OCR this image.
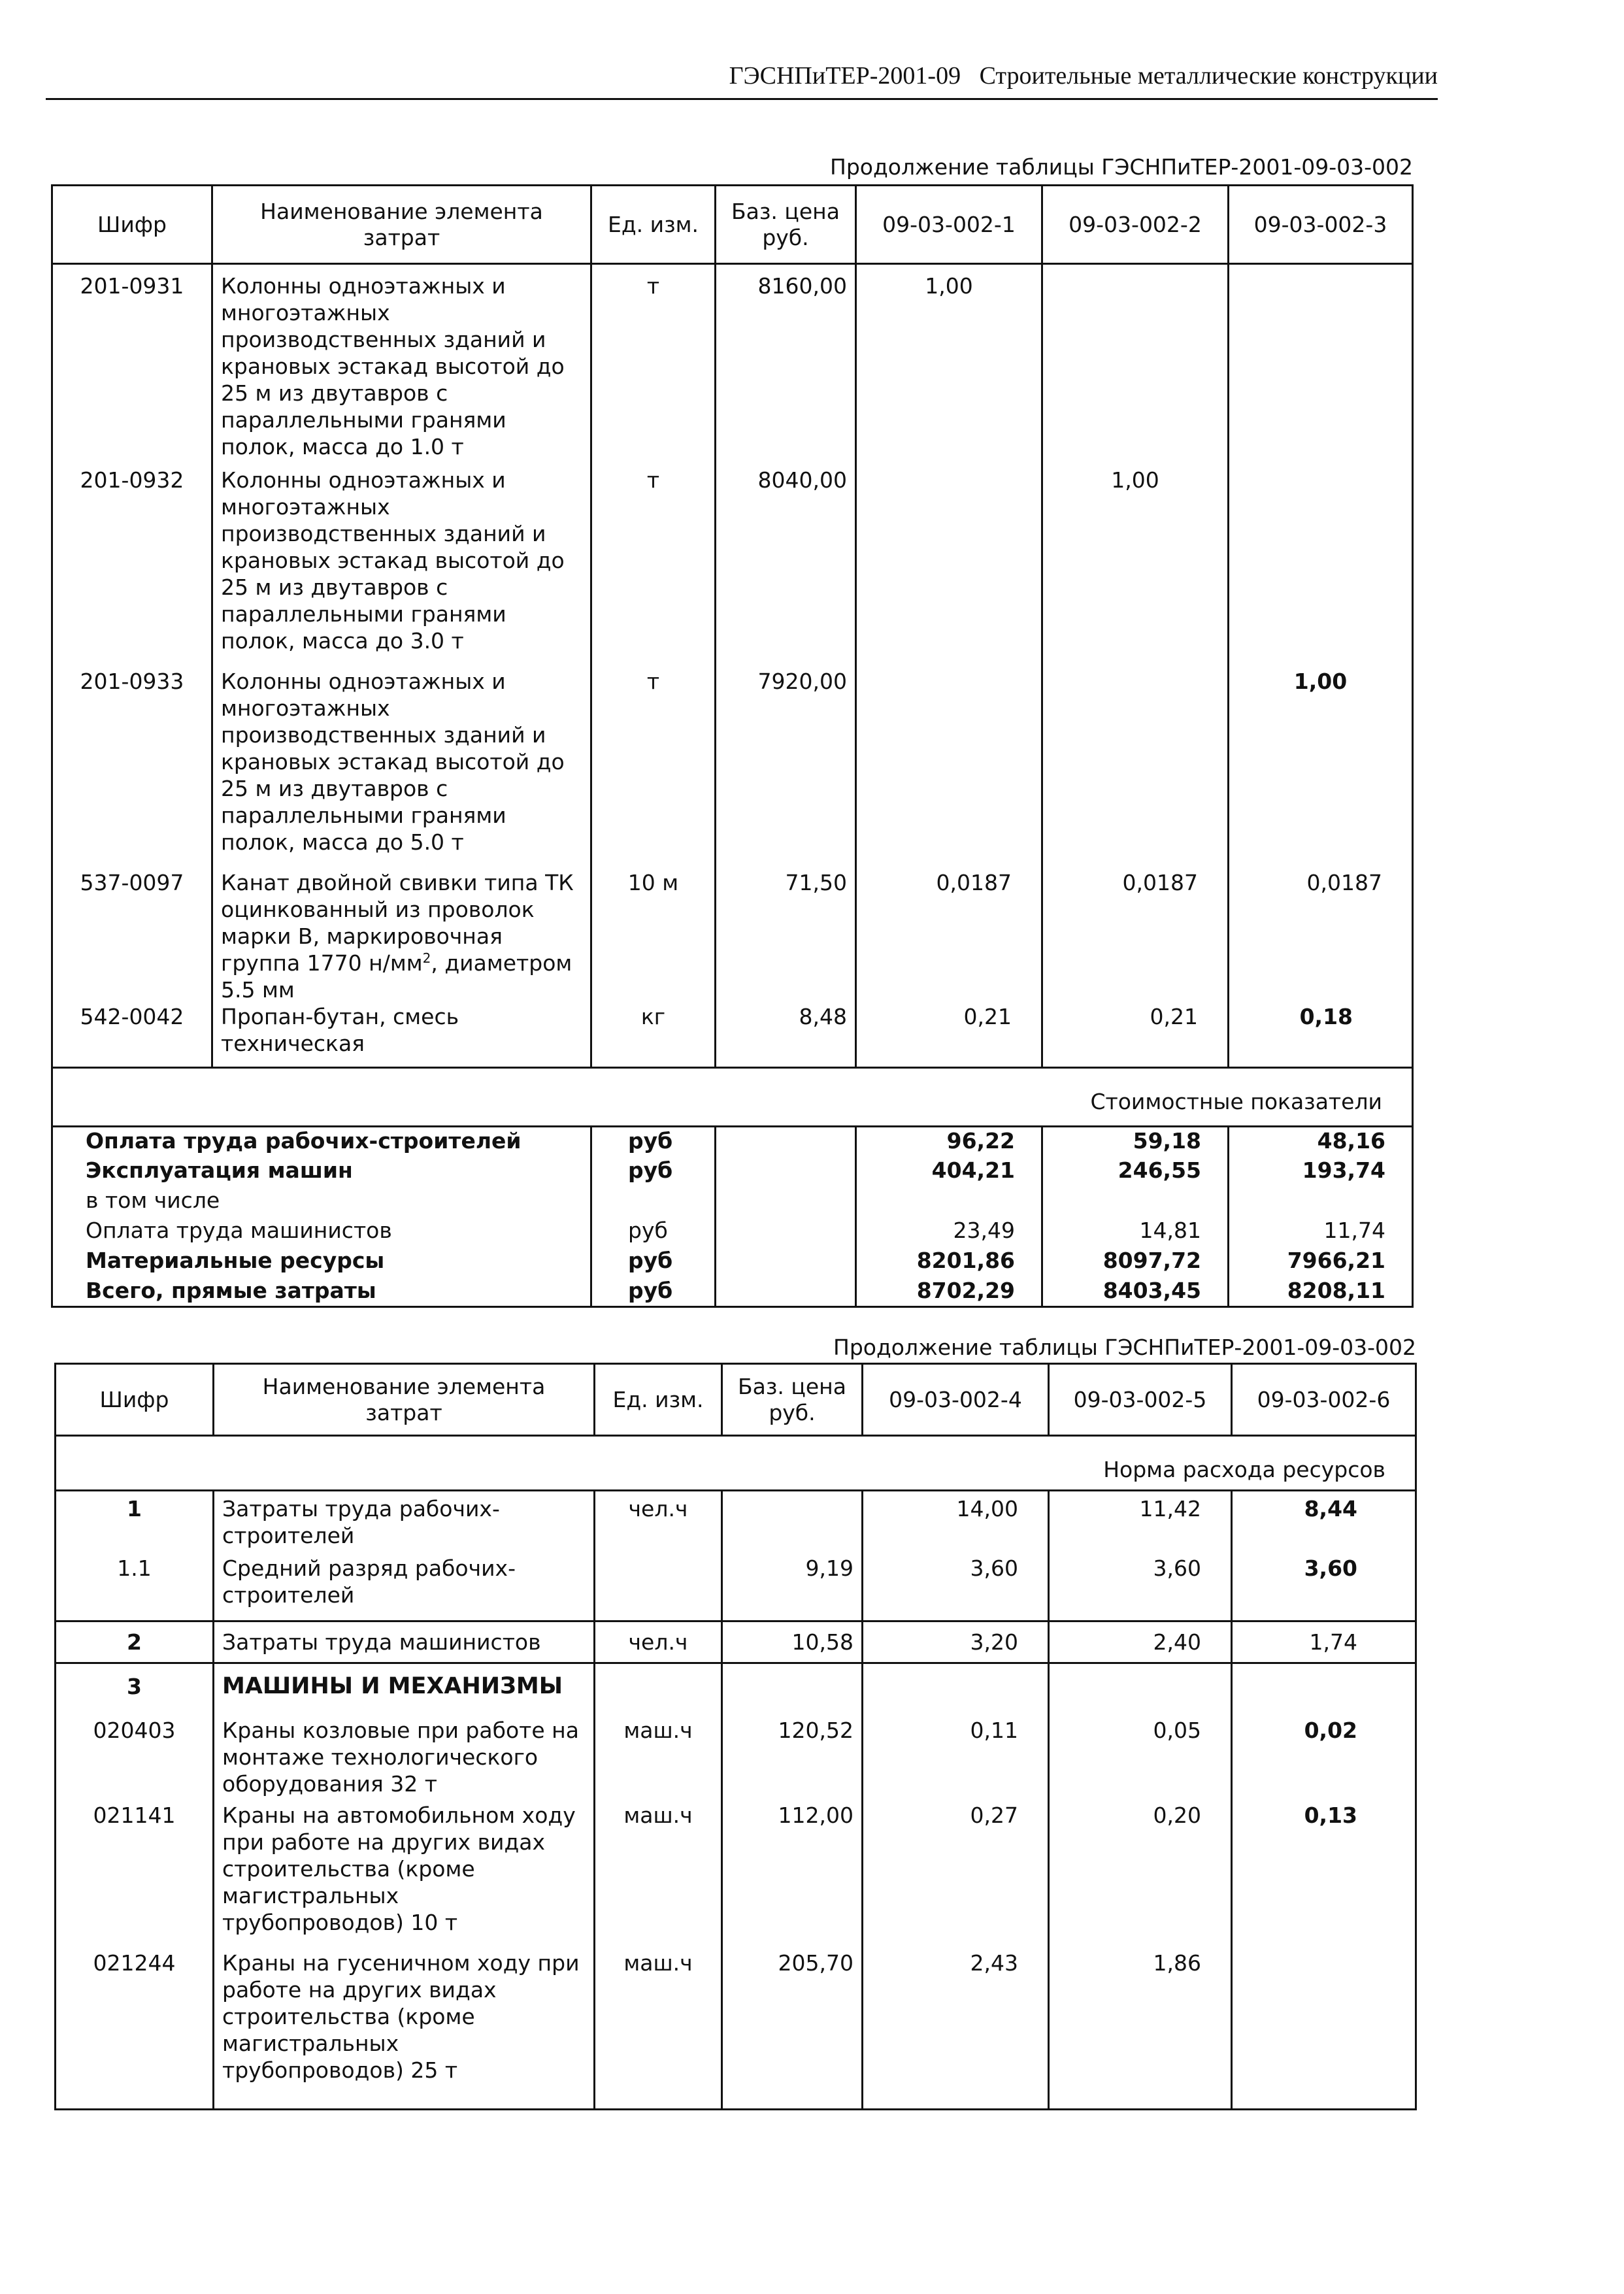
ГЭСНПиТЕР-2001-09   Строительные металлические конструкции
Продолжение таблицы ГЭСНПиТЕР-2001-09-03-002
Шифр	Наименование элемента затрат	Ед. изм.	Баз. цена руб.	09-03-002-1	09-03-002-2	09-03-002-3
201-0931	Колонны одноэтажных и многоэтажных производственных зданий и крановых эстакад высотой до 25 м из двутавров с параллельными гранями полок, масса до 1.0 т	т	8160,00	1,00		
201-0932	Колонны одноэтажных и многоэтажных производственных зданий и крановых эстакад высотой до 25 м из двутавров с параллельными гранями полок, масса до 3.0 т	т	8040,00		1,00	
201-0933	Колонны одноэтажных и многоэтажных производственных зданий и крановых эстакад высотой до 25 м из двутавров с параллельными гранями полок, масса до 5.0 т	т	7920,00			1,00
537-0097	Канат двойной свивки типа ТК оцинкованный из проволок марки В, маркировочная группа 1770 $н/мм^2$, диаметром 5.5 мм	10 м	71,50	0,0187	0,0187	0,0187
542-0042	Пропан-бутан, смесь техническая	кг	8,48	0,21	0,21	0,18
Стоимостные показатели						
Оплата труда рабочих-строителей		руб		96,22	59,18	48,16
Эксплуатация машин		руб		404,21	246,55	193,74
в том числе						
Оплата труда машинистов		руб		23,49	14,81	11,74
Материальные ресурсы		руб		8201,86	8097,72	7966,21
Всего, прямые затраты		руб		8702,29	8403,45	8208,11
Продолжение таблицы ГЭСНПиТЕР-2001-09-03-002
Шифр	Наименование элемента затрат	Ед. изм.	Баз. цена руб.	09-03-002-4	09-03-002-5	09-03-002-6
Норма расхода ресурсов						
1	Затраты труда рабочих-строителей	чел.ч		14,00	11,42	8,44
1.1	Средний разряд рабочих-строителей		9,19	3,60	3,60	3,60
2	Затраты труда машинистов	чел.ч	10,58	3,20	2,40	1,74
3	МАШИНЫ И МЕХАНИЗМЫ					
020403	Краны козловые при работе на монтаже технологического оборудования 32 т	маш.ч	120,52	0,11	0,05	0,02
021141	Краны на автомобильном ходу при работе на других видах строительства (кроме магистральных трубопроводов) 10 т	маш.ч	112,00	0,27	0,20	0,13
021244	Краны на гусеничном ходу при работе на других видах строительства (кроме магистральных трубопроводов) 25 т	маш.ч	205,70	2,43	1,86	
